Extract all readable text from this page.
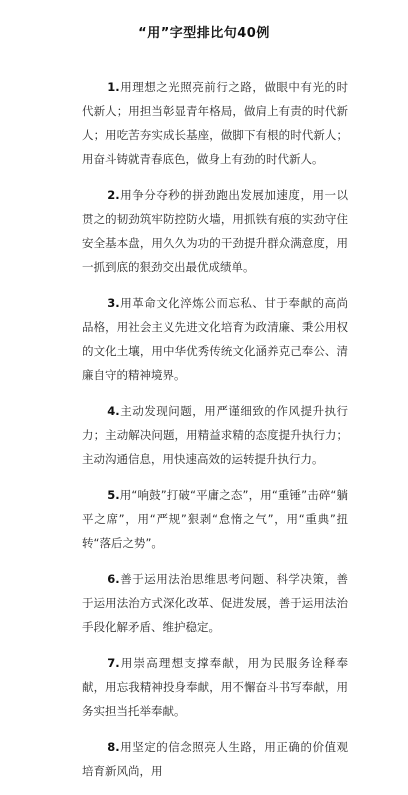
“用”字型排比句40例

1.用理想之光照亮前行之路，做眼中有光的时代新人；用担当彰显青年格局，做肩上有责的时代新人；用吃苦夯实成长基座，做脚下有根的时代新人；用奋斗铸就青春底色，做身上有劲的时代新人。

2.用争分夺秒的拼劲跑出发展加速度，用一以贯之的韧劲筑牢防控防火墙，用抓铁有痕的实劲守住安全基本盘，用久久为功的干劲提升群众满意度，用一抓到底的狠劲交出最优成绩单。

3.用革命文化淬炼公而忘私、甘于奉献的高尚品格，用社会主义先进文化培育为政清廉、秉公用权的文化土壤，用中华优秀传统文化涵养克己奉公、清廉自守的精神境界。

4.主动发现问题，用严谨细致的作风提升执行力；主动解决问题，用精益求精的态度提升执行力；主动沟通信息，用快速高效的运转提升执行力。

5.用“响鼓”打破“平庸之态”，用“重锤”击碎“躺平之席”，用“严规”狠剥“怠惰之气”，用“重典”扭转“落后之势”。

6.善于运用法治思维思考问题、科学决策，善于运用法治方式深化改革、促进发展，善于运用法治手段化解矛盾、维护稳定。

7.用崇高理想支撑奉献，用为民服务诠释奉献，用忘我精神投身奉献，用不懈奋斗书写奉献，用务实担当托举奉献。

8.用坚定的信念照亮人生路，用正确的价值观培育新风尚，用
